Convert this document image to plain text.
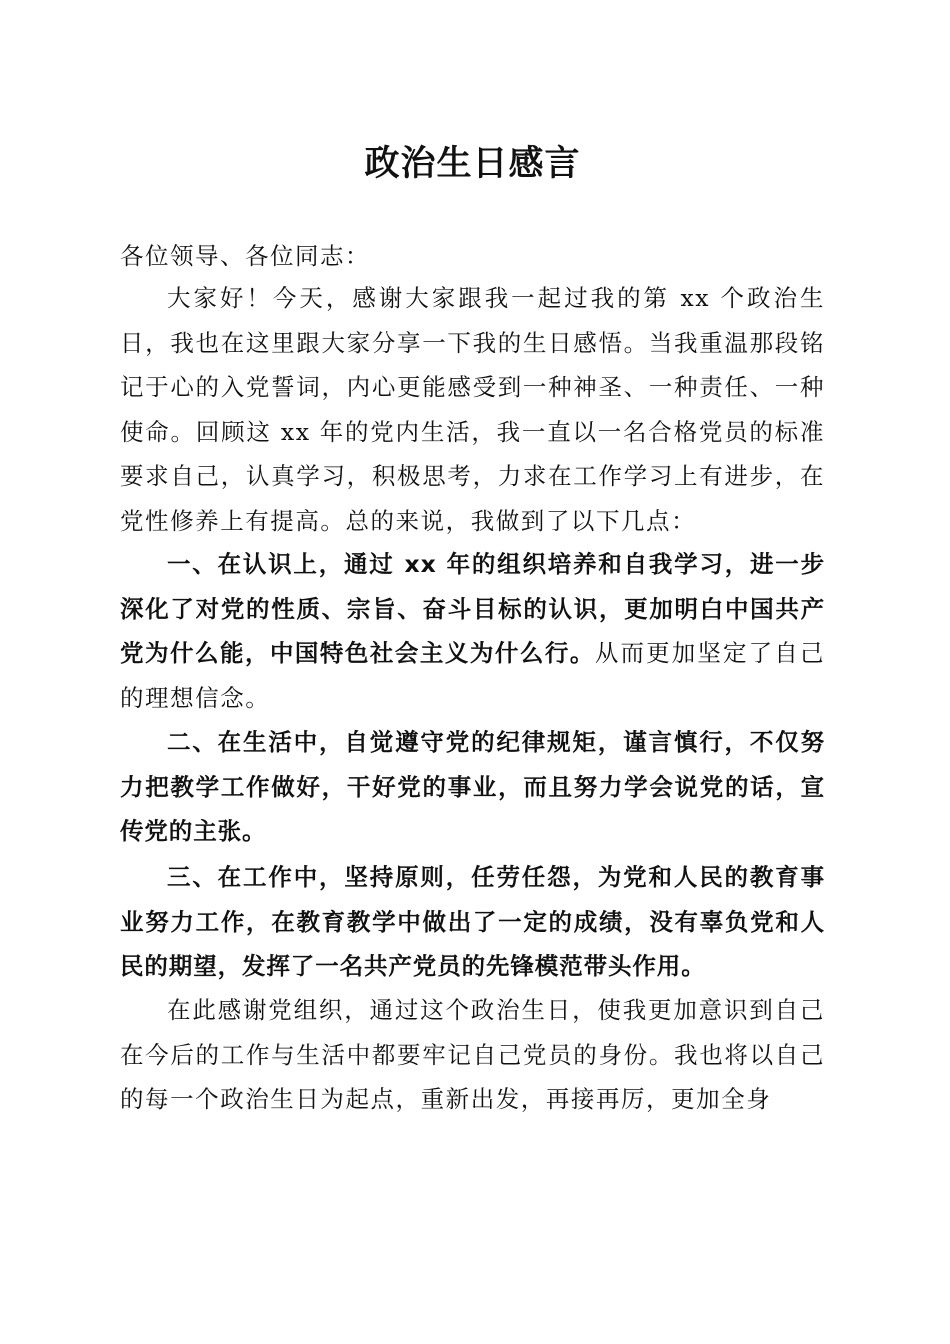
政治生日感言
各位领导、各位同志：

大家好！今天，感谢大家跟我一起过我的第 xx 个政治生日，我也在这里跟大家分享一下我的生日感悟。当我重温那段铭记于心的入党誓词，内心更能感受到一种神圣、一种责任、一种使命。回顾这 xx 年的党内生活，我一直以一名合格党员的标准要求自己，认真学习，积极思考，力求在工作学习上有进步，在党性修养上有提高。总的来说，我做到了以下几点：

一、在认识上，通过 xx 年的组织培养和自我学习，进一步深化了对党的性质、宗旨、奋斗目标的认识，更加明白中国共产党为什么能，中国特色社会主义为什么行。从而更加坚定了自己的理想信念。

二、在生活中，自觉遵守党的纪律规矩，谨言慎行，不仅努力把教学工作做好，干好党的事业，而且努力学会说党的话，宣传党的主张。

三、在工作中，坚持原则，任劳任怨，为党和人民的教育事业努力工作，在教育教学中做出了一定的成绩，没有辜负党和人民的期望，发挥了一名共产党员的先锋模范带头作用。

在此感谢党组织，通过这个政治生日，使我更加意识到自己在今后的工作与生活中都要牢记自己党员的身份。我也将以自己的每一个政治生日为起点，重新出发，再接再厉，更加全身
